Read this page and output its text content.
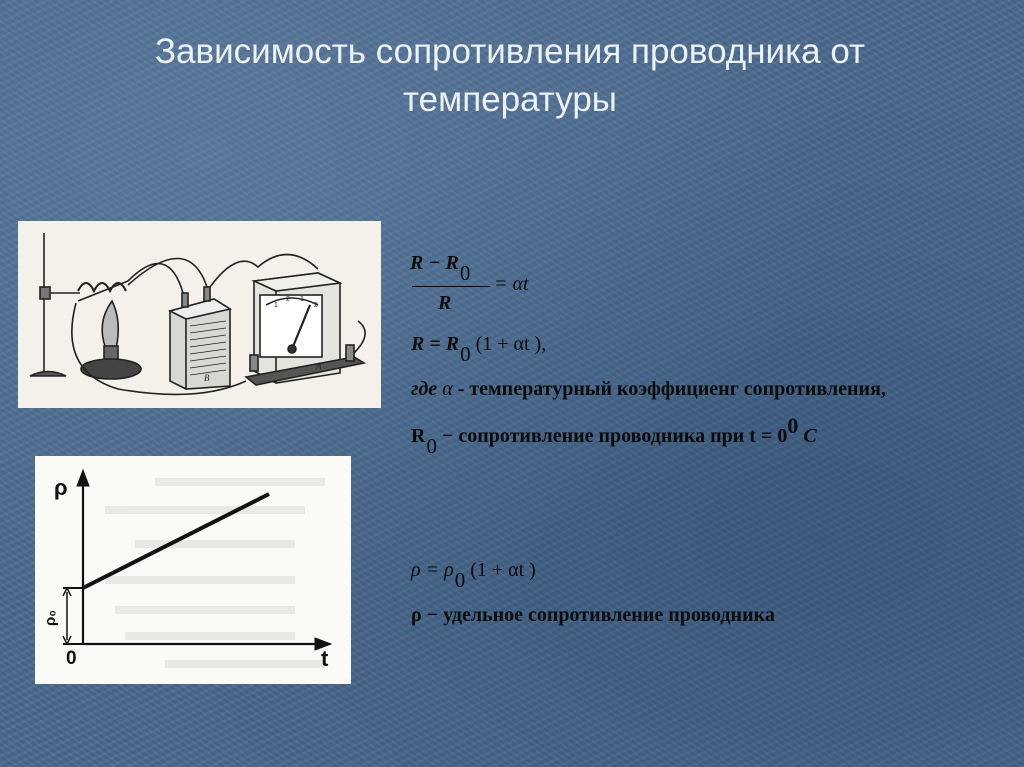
Зависимость сопротивления проводника от
температуры
В
А
1
2 1
2
ρ
ρ₀
0	t
R − R0
R
= αt
R = R0 (1 + αt ),
где α - температурный коэффициенг сопротивления,
R0 − сопротивление проводника при t = 00 C
ρ = ρ0 (1 + αt )
ρ − удельное сопротивление проводника
